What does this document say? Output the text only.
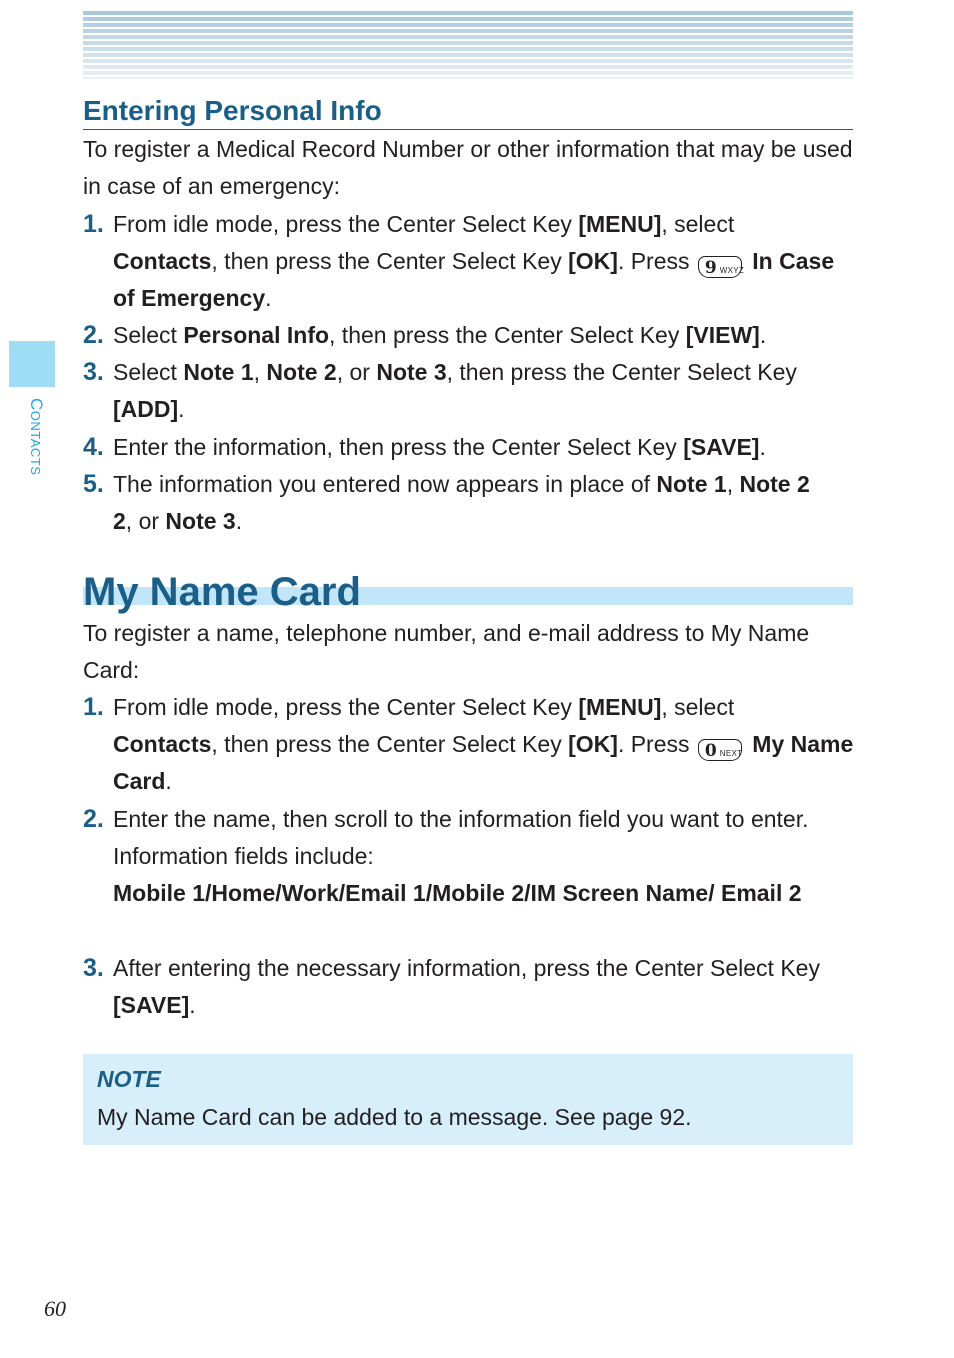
CONTACTS
Entering Personal Info

To register a Medical Record Number or other information that may be used in case of an emergency:

1. From idle mode, press the Center Select Key [MENU], select
Contacts, then press the Center Select Key [OK]. Press 9 WXYZ In Case of Emergency.
2. Select Personal Info, then press the Center Select Key [VIEW].
3. Select Note 1, Note 2, or Note 3, then press the Center Select Key
[ADD].
4. Enter the information, then press the Center Select Key [SAVE].
5. The information you entered now appears in place of Note 1, Note 2
2, or Note 3.
My Name Card

To register a name, telephone number, and e-mail address to My Name Card:

1. From idle mode, press the Center Select Key [MENU], select
Contacts, then press the Center Select Key [OK]. Press 0 NEXT My Name Card.
2. Enter the name, then scroll to the information field you want to enter. Information fields include:
Mobile 1/Home/Work/Email 1/Mobile 2/IM Screen Name/ Email 2
3. After entering the necessary information, press the Center Select Key [SAVE].
NOTE
My Name Card can be added to a message. See page 92.
60
